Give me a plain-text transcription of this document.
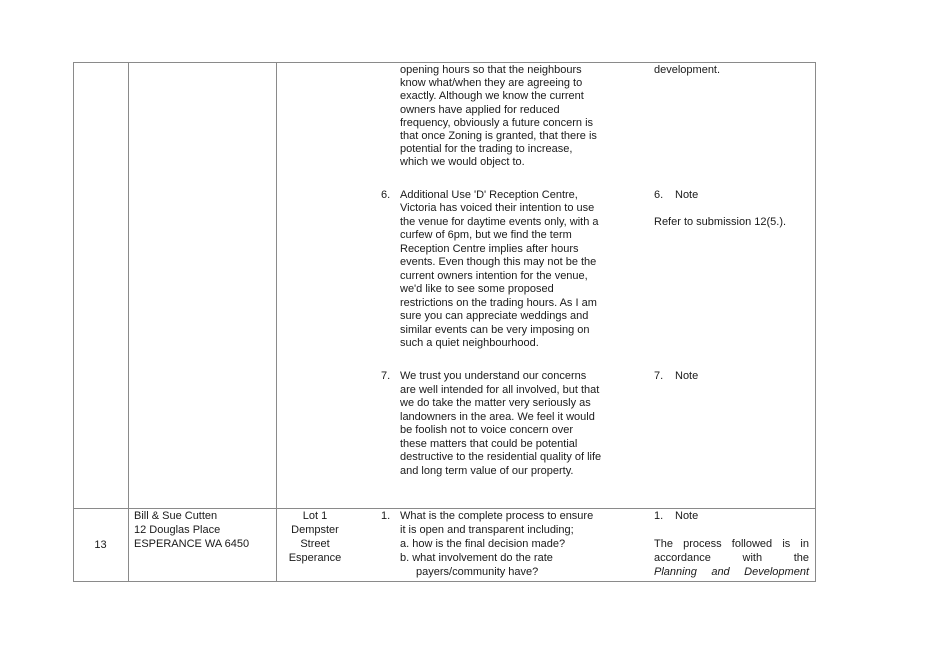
opening hours so that the neighbours
know what/when they are agreeing to
exactly. Although we know the current
owners have applied for reduced
frequency, obviously a future concern is
that once Zoning is granted, that there is
potential for the trading to increase,
which we would object to.
development.
6. Additional Use 'D' Reception Centre,
Victoria has voiced their intention to use
the venue for daytime events only, with a
curfew of 6pm, but we find the term
Reception Centre implies after hours
events. Even though this may not be the
current owners intention for the venue,
we'd like to see some proposed
restrictions on the trading hours. As I am
sure you can appreciate weddings and
similar events can be very imposing on
such a quiet neighbourhood.
6. Note
Refer to submission 12(5.).
7. We trust you understand our concerns
are well intended for all involved, but that
we do take the matter very seriously as
landowners in the area. We feel it would
be foolish not to voice concern over
these matters that could be potential
destructive to the residential quality of life
and long term value of our property.
7. Note
13
Bill & Sue Cutten
12 Douglas Place
ESPERANCE WA 6450
Lot 1
Dempster
Street
Esperance
1. What is the complete process to ensure
it is open and transparent including;
a. how is the final decision made?
b. what involvement do the rate
payers/community have?
1. Note
The process followed is in
accordance with the
Planning and Development
